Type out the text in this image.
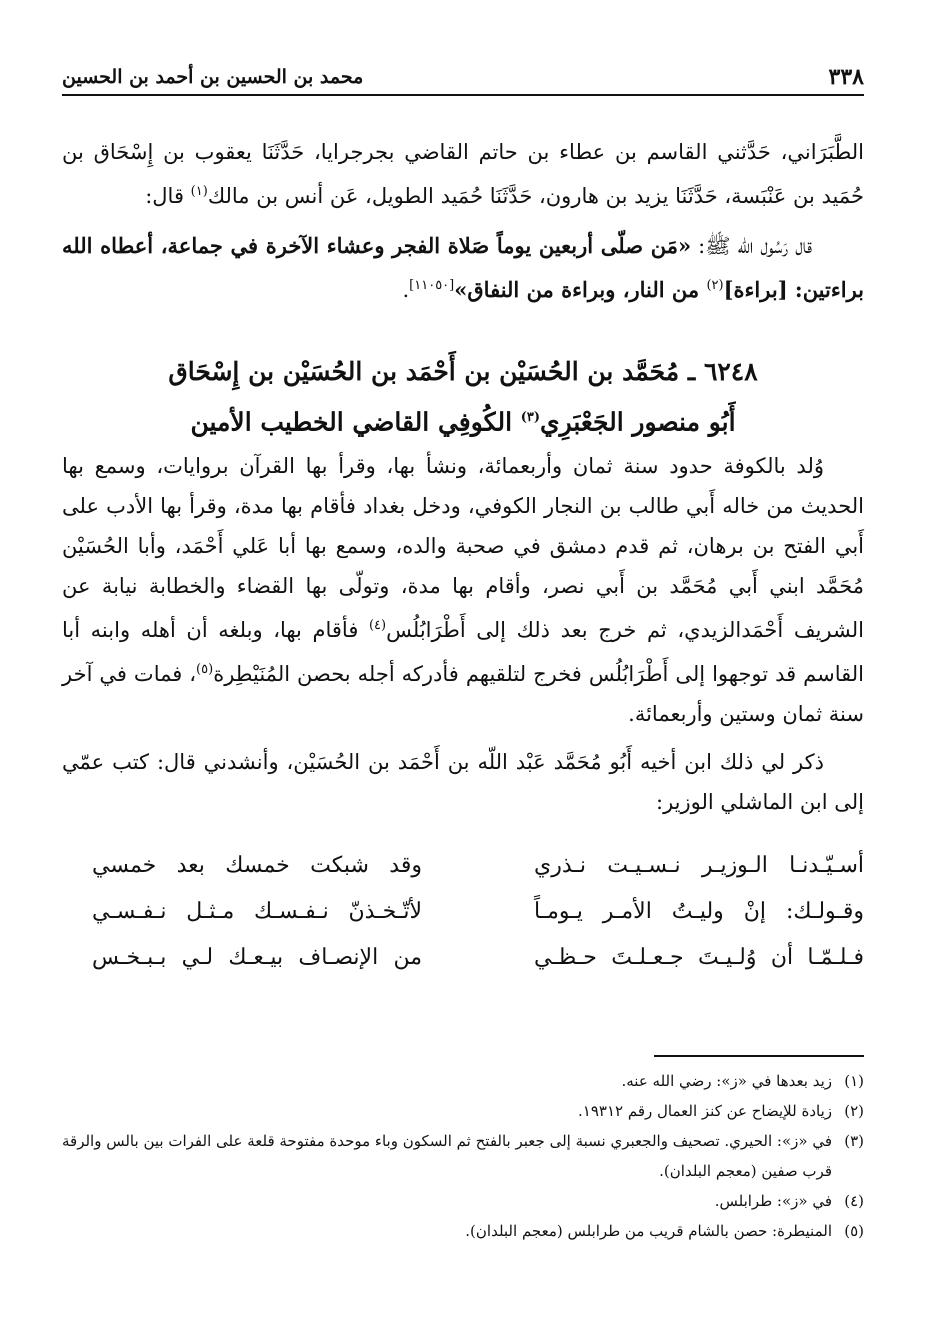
٣٣٨
محمد بن الحسين بن أحمد بن الحسين
الطَّبَرَاني، حَدَّثني القاسم بن عطاء بن حاتم القاضي بجرجرايا، حَدَّثَنَا يعقوب بن إِسْحَاق بن حُمَيد بن عَنْبَسة، حَدَّثَنَا يزيد بن هارون، حَدَّثَنَا حُمَيد الطويل، عَن أنس بن مالك$^{(١)}$ قال:
قال رَسُول الله ﷺ: «مَن صلّى أربعين يوماً صَلاة الفجر وعشاء الآخرة في جماعة، أعطاه الله براءتين: [براءة]$^{(٢)}$ من النار، وبراءة من النفاق»[١١٠٥٠].
٦٢٤٨ ـ مُحَمَّد بن الحُسَيْن بن أَحْمَد بن الحُسَيْن بن إِسْحَاق
أَبُو منصور الجَعْبَرِي$^{(٣)}$ الكُوفِي القاضي الخطيب الأمين
وُلد بالكوفة حدود سنة ثمان وأربعمائة، ونشأ بها، وقرأ بها القرآن بروايات، وسمع بها الحديث من خاله أَبي طالب بن النجار الكوفي، ودخل بغداد فأقام بها مدة، وقرأ بها الأدب على أَبي الفتح بن برهان، ثم قدم دمشق في صحبة والده، وسمع بها أبا عَلي أَحْمَد، وأبا الحُسَيْن مُحَمَّد ابني أَبي مُحَمَّد بن أَبي نصر، وأقام بها مدة، وتولّى بها القضاء والخطابة نيابة عن الشريف أَحْمَدالزيدي، ثم خرج بعد ذلك إلى أَطْرَابُلُس$^{(٤)}$ فأقام بها، وبلغه أن أهله وابنه أبا القاسم قد توجهوا إلى أَطْرَابُلُس فخرج لتلقيهم فأدركه أجله بحصن المُنَيْطِرة$^{(٥)}$، فمات في آخر سنة ثمان وستين وأربعمائة.
ذكر لي ذلك ابن أخيه أَبُو مُحَمَّد عَبْد اللّه بن أَحْمَد بن الحُسَيْن، وأنشدني قال: كتب عمّي إلى ابن الماشلي الوزير:
أسـيّـدنـا الـوزيـر نـسـيـت نـذري
وقد شبكت خمسك بعد خمسي
وقـولـك: إنْ وليـتُ الأمـر يـومـاً
لأتّـخـذنّ نـفـسـك مـثـل نـفـسـي
فـلـمّـا أن وُلـيـتَ جـعـلـتَ حـظـي
من الإنصـاف بيـعـك لـي بـبـخـس
(١)
زيد بعدها في «ز»: رضي الله عنه.
(٢)
زيادة للإيضاح عن كنز العمال رقم ١٩٣١٢.
(٣)
في «ز»: الحيري. تصحيف والجعبري نسبة إلى جعبر بالفتح ثم السكون وباء موحدة مفتوحة قلعة على الفرات بين بالس والرقة قرب صفين (معجم البلدان).
(٤)
في «ز»: طرابلس.
(٥)
المنيطرة: حصن بالشام قريب من طرابلس (معجم البلدان).
